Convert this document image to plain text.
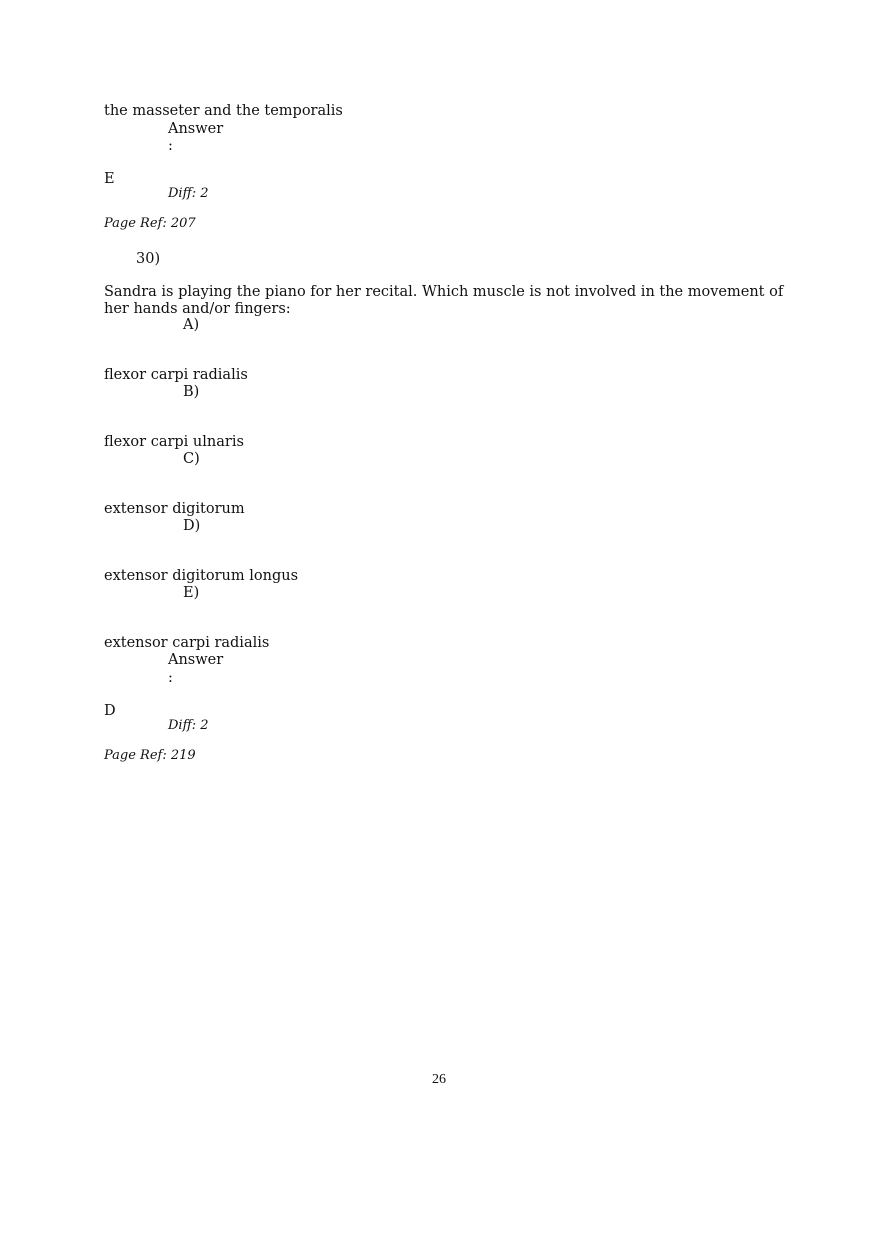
the masseter and the temporalis
Answer
:
E
Diff: 2
Page Ref: 207
30)
Sandra is playing the piano for her recital. Which muscle is not involved in the movement of her hands and/or fingers:
A)
flexor carpi radialis
B)
flexor carpi ulnaris
C)
extensor digitorum
D)
extensor digitorum longus
E)
extensor carpi radialis
Answer
:
D
Diff: 2
Page Ref: 219
26
